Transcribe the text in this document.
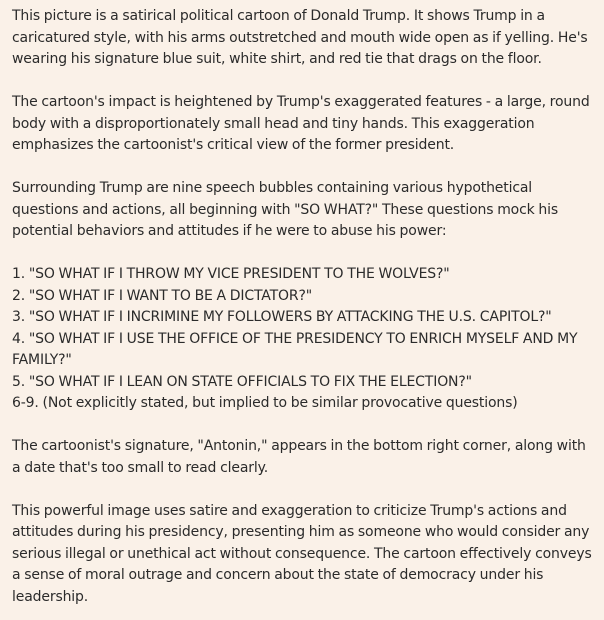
This picture is a satirical political cartoon of Donald Trump. It shows Trump in a caricatured style, with his arms outstretched and mouth wide open as if yelling. He's wearing his signature blue suit, white shirt, and red tie that drags on the floor.

The cartoon's impact is heightened by Trump's exaggerated features - a large, round body with a disproportionately small head and tiny hands. This exaggeration emphasizes the cartoonist's critical view of the former president.

Surrounding Trump are nine speech bubbles containing various hypothetical questions and actions, all beginning with "SO WHAT?" These questions mock his potential behaviors and attitudes if he were to abuse his power:

1. "SO WHAT IF I THROW MY VICE PRESIDENT TO THE WOLVES?"
2. "SO WHAT IF I WANT TO BE A DICTATOR?"
3. "SO WHAT IF I INCRIMINE MY FOLLOWERS BY ATTACKING THE U.S. CAPITOL?"
4. "SO WHAT IF I USE THE OFFICE OF THE PRESIDENCY TO ENRICH MYSELF AND MY FAMILY?"
5. "SO WHAT IF I LEAN ON STATE OFFICIALS TO FIX THE ELECTION?"
6-9. (Not explicitly stated, but implied to be similar provocative questions)

The cartoonist's signature, "Antonin," appears in the bottom right corner, along with a date that's too small to read clearly.

This powerful image uses satire and exaggeration to criticize Trump's actions and attitudes during his presidency, presenting him as someone who would consider any serious illegal or unethical act without consequence. The cartoon effectively conveys a sense of moral outrage and concern about the state of democracy under his leadership.
